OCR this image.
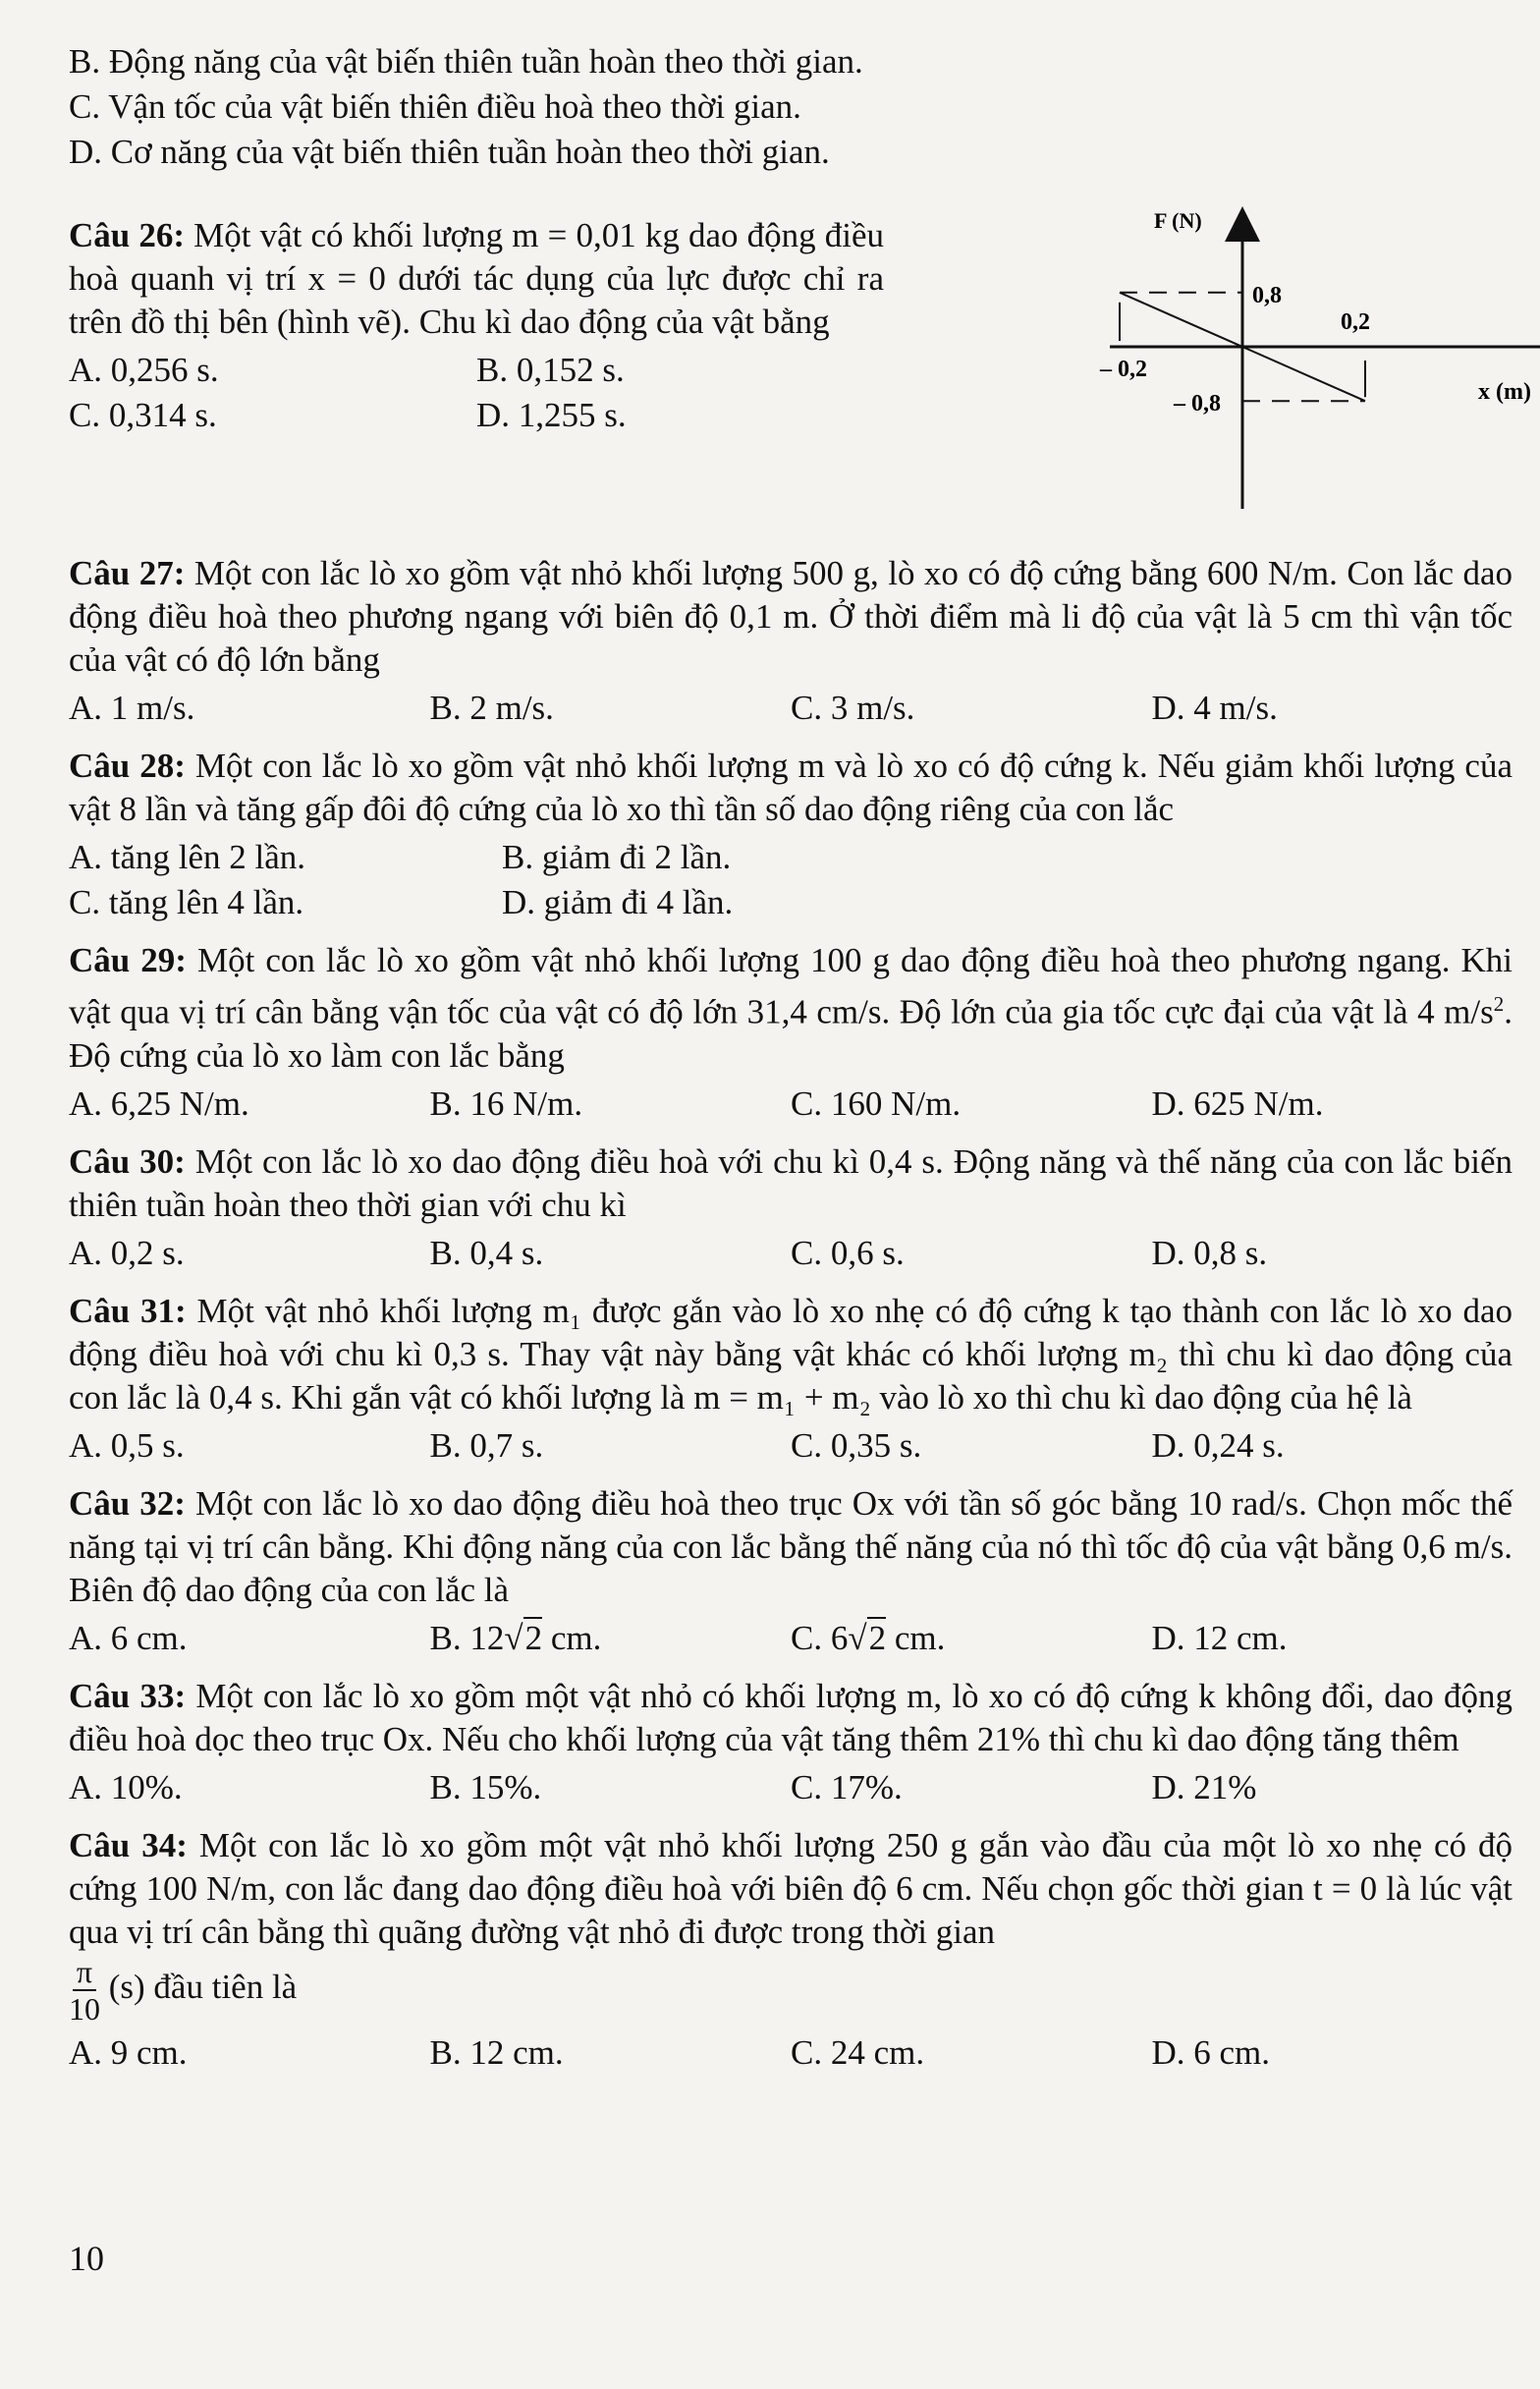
B. Động năng của vật biến thiên tuần hoàn theo thời gian.
C. Vận tốc của vật biến thiên điều hoà theo thời gian.
D. Cơ năng của vật biến thiên tuần hoàn theo thời gian.
Câu 26: Một vật có khối lượng m = 0,01 kg dao động điều hoà quanh vị trí x = 0 dưới tác dụng của lực được chỉ ra trên đồ thị bên (hình vẽ). Chu kì dao động của vật bằng
A. 0,256 s.	B. 0,152 s.
C. 0,314 s.	D. 1,255 s.
F (N)
x (m)
0,8
– 0,8
– 0,2
0,2
Câu 27: Một con lắc lò xo gồm vật nhỏ khối lượng 500 g, lò xo có độ cứng bằng 600 N/m. Con lắc dao động điều hoà theo phương ngang với biên độ 0,1 m. Ở thời điểm mà li độ của vật là 5 cm thì vận tốc của vật có độ lớn bằng
A. 1 m/s.	B. 2 m/s.	C. 3 m/s.	D. 4 m/s.
Câu 28: Một con lắc lò xo gồm vật nhỏ khối lượng m và lò xo có độ cứng k. Nếu giảm khối lượng của vật 8 lần và tăng gấp đôi độ cứng của lò xo thì tần số dao động riêng của con lắc
A. tăng lên 2 lần.	B. giảm đi 2 lần.
C. tăng lên 4 lần.	D. giảm đi 4 lần.
Câu 29: Một con lắc lò xo gồm vật nhỏ khối lượng 100 g dao động điều hoà theo phương ngang. Khi vật qua vị trí cân bằng vận tốc của vật có độ lớn 31,4 cm/s. Độ lớn của gia tốc cực đại của vật là 4 $m/s^2$. Độ cứng của lò xo làm con lắc bằng
A. 6,25 N/m.	B. 16 N/m.	C. 160 N/m.	D. 625 N/m.
Câu 30: Một con lắc lò xo dao động điều hoà với chu kì 0,4 s. Động năng và thế năng của con lắc biến thiên tuần hoàn theo thời gian với chu kì
A. 0,2 s.	B. 0,4 s.	C. 0,6 s.	D. 0,8 s.
Câu 31: Một vật nhỏ khối lượng m₁ được gắn vào lò xo nhẹ có độ cứng k tạo thành con lắc lò xo dao động điều hoà với chu kì 0,3 s. Thay vật này bằng vật khác có khối lượng m₂ thì chu kì dao động của con lắc là 0,4 s. Khi gắn vật có khối lượng là m = m₁ + m₂ vào lò xo thì chu kì dao động của hệ là
A. 0,5 s.	B. 0,7 s.	C. 0,35 s.	D. 0,24 s.
Câu 32: Một con lắc lò xo dao động điều hoà theo trục Ox với tần số góc bằng 10 rad/s. Chọn mốc thế năng tại vị trí cân bằng. Khi động năng của con lắc bằng thế năng của nó thì tốc độ của vật bằng 0,6 m/s. Biên độ dao động của con lắc là
A. 6 cm.	B. 12√2 cm.	C. 6√2 cm.	D. 12 cm.
Câu 33: Một con lắc lò xo gồm một vật nhỏ có khối lượng m, lò xo có độ cứng k không đổi, dao động điều hoà dọc theo trục Ox. Nếu cho khối lượng của vật tăng thêm 21% thì chu kì dao động tăng thêm
A. 10%.	B. 15%.	C. 17%.	D. 21%
Câu 34: Một con lắc lò xo gồm một vật nhỏ khối lượng 250 g gắn vào đầu của một lò xo nhẹ có độ cứng 100 N/m, con lắc đang dao động điều hoà với biên độ 6 cm. Nếu chọn gốc thời gian t = 0 là lúc vật qua vị trí cân bằng thì quãng đường vật nhỏ đi được trong thời gian
$\frac{\pi}{10} (s)$ đầu tiên là
A. 9 cm.	B. 12 cm.	C. 24 cm.	D. 6 cm.
10
